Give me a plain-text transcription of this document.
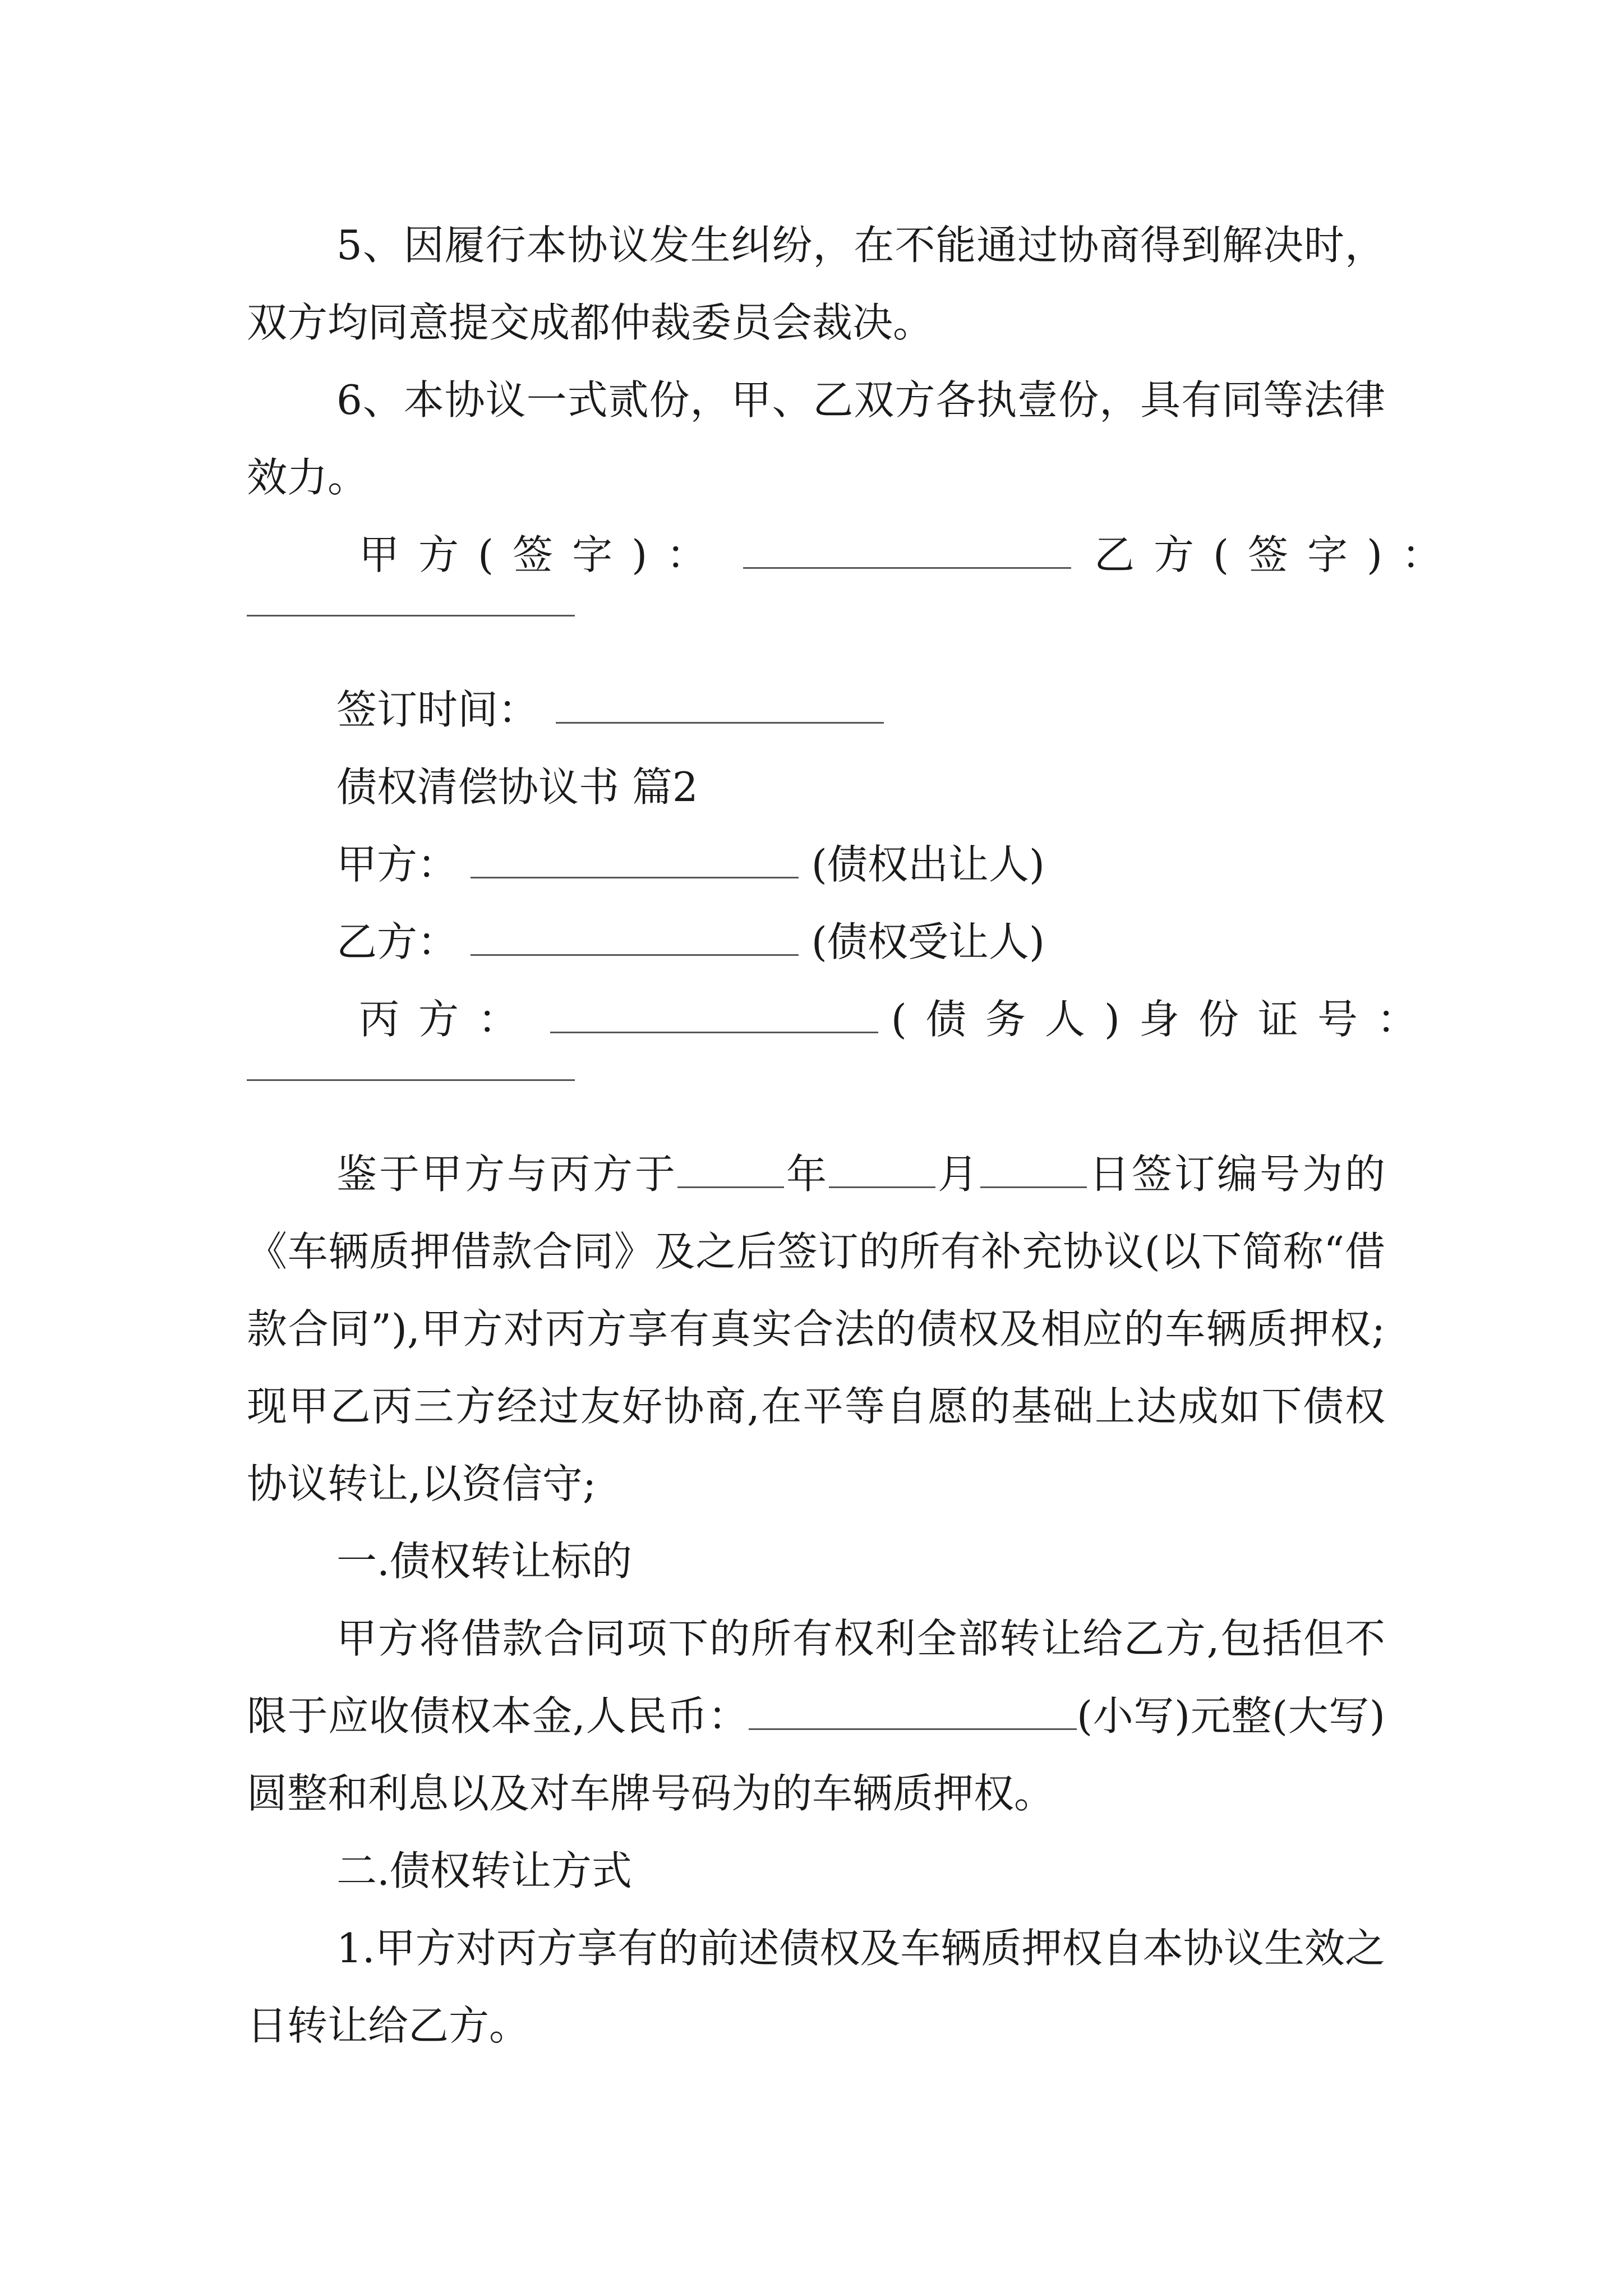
5、因履行本协议发生纠纷，在不能通过协商得到解决时，双方均同意提交成都仲裁委员会裁决。

6、本协议一式贰份，甲、乙双方各执壹份，具有同等法律效力。

甲方(签字)：	乙方(签字)：
签订时间：
债权清偿协议书 篇2
甲方：	(债权出让人)
乙方：	(债权受让人)
丙方：	(债务人)身份证号：

鉴于甲方与丙方于	年	月	日签订编号为的《车辆质押借款合同》及之后签订的所有补充协议(以下简称“借款合同”),甲方对丙方享有真实合法的债权及相应的车辆质押权;现甲乙丙三方经过友好协商,在平等自愿的基础上达成如下债权协议转让,以资信守;

一.债权转让标的

甲方将借款合同项下的所有权利全部转让给乙方,包括但不限于应收债权本金,人民币：	(小写)元整(大写)圆整和利息以及对车牌号码为的车辆质押权。

二.债权转让方式

1.甲方对丙方享有的前述债权及车辆质押权自本协议生效之日转让给乙方。
